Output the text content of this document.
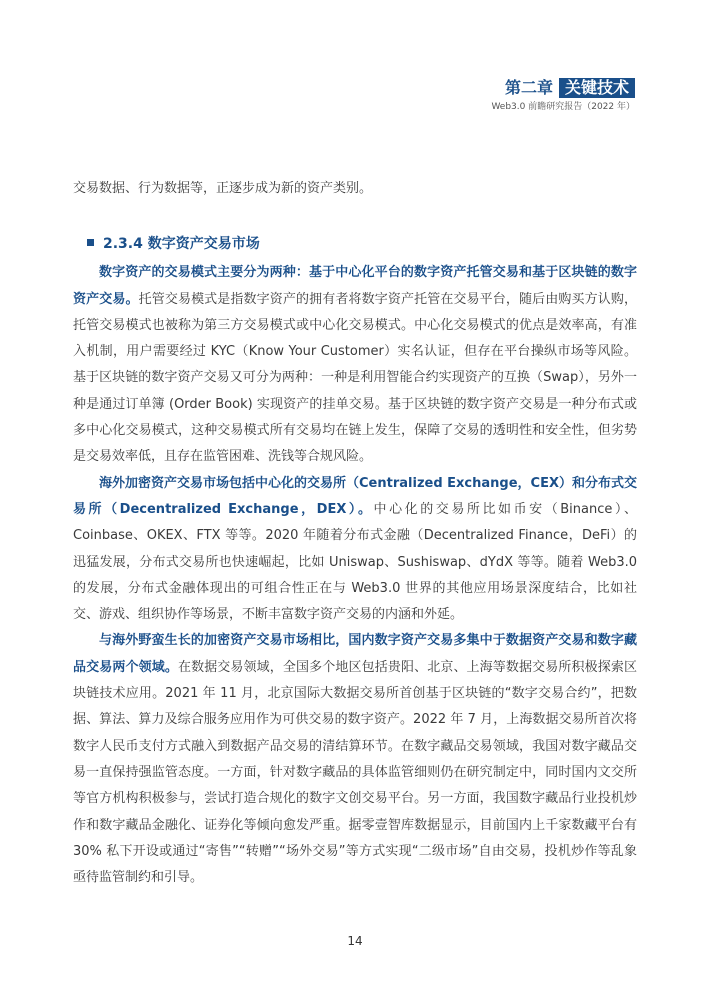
第二章 关键技术
Web3.0 前瞻研究报告（2022 年）

交易数据、行为数据等，正逐步成为新的资产类别。

2.3.4 数字资产交易市场

数字资产的交易模式主要分为两种：基于中心化平台的数字资产托管交易和基于区块链的数字资产交易。托管交易模式是指数字资产的拥有者将数字资产托管在交易平台，随后由购买方认购，托管交易模式也被称为第三方交易模式或中心化交易模式。中心化交易模式的优点是效率高，有准入机制，用户需要经过 KYC（Know Your Customer）实名认证，但存在平台操纵市场等风险。基于区块链的数字资产交易又可分为两种：一种是利用智能合约实现资产的互换（Swap），另外一种是通过订单簿 (Order Book) 实现资产的挂单交易。基于区块链的数字资产交易是一种分布式或多中心化交易模式，这种交易模式所有交易均在链上发生，保障了交易的透明性和安全性，但劣势是交易效率低，且存在监管困难、洗钱等合规风险。

海外加密资产交易市场包括中心化的交易所（Centralized Exchange，CEX）和分布式交易所（Decentralized Exchange，DEX）。中心化的交易所比如币安（Binance）、Coinbase、OKEX、FTX 等等。2020 年随着分布式金融（Decentralized Finance，DeFi）的迅猛发展，分布式交易所也快速崛起，比如 Uniswap、Sushiswap、dYdX 等等。随着 Web3.0 的发展，分布式金融体现出的可组合性正在与 Web3.0 世界的其他应用场景深度结合，比如社交、游戏、组织协作等场景，不断丰富数字资产交易的内涵和外延。

与海外野蛮生长的加密资产交易市场相比，国内数字资产交易多集中于数据资产交易和数字藏品交易两个领域。在数据交易领域，全国多个地区包括贵阳、北京、上海等数据交易所积极探索区块链技术应用。2021 年 11 月，北京国际大数据交易所首创基于区块链的“数字交易合约”，把数据、算法、算力及综合服务应用作为可供交易的数字资产。2022 年 7 月，上海数据交易所首次将数字人民币支付方式融入到数据产品交易的清结算环节。在数字藏品交易领域，我国对数字藏品交易一直保持强监管态度。一方面，针对数字藏品的具体监管细则仍在研究制定中，同时国内文交所等官方机构积极参与，尝试打造合规化的数字文创交易平台。另一方面，我国数字藏品行业投机炒作和数字藏品金融化、证券化等倾向愈发严重。据零壹智库数据显示，目前国内上千家数藏平台有 30% 私下开设或通过“寄售”“转赠”“场外交易”等方式实现“二级市场”自由交易，投机炒作等乱象亟待监管制约和引导。

14
